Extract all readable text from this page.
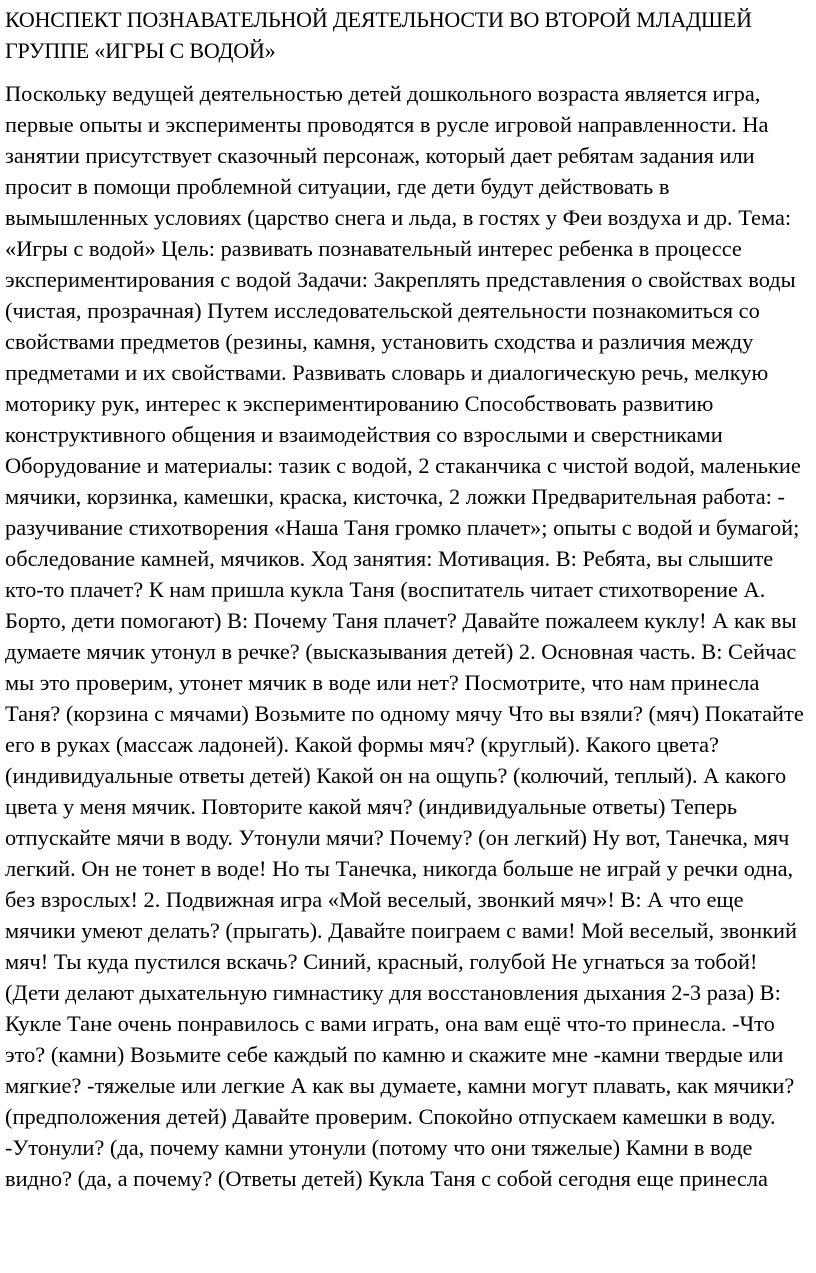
КОНСПЕКТ ПОЗНАВАТЕЛЬНОЙ ДЕЯТЕЛЬНОСТИ ВО ВТОРОЙ МЛАДШЕЙ ГРУППЕ «ИГРЫ С ВОДОЙ»

Поскольку ведущей деятельностью детей дошкольного возраста является игра, первые опыты и эксперименты проводятся в русле игровой направленности. На занятии присутствует сказочный персонаж, который дает ребятам задания или просит в помощи проблемной ситуации, где дети будут действовать в вымышленных условиях (царство снега и льда, в гостях у Феи воздуха и др. Тема: «Игры с водой» Цель: развивать познавательный интерес ребенка в процессе экспериментирования с водой Задачи: Закреплять представления о свойствах воды (чистая, прозрачная) Путем исследовательской деятельности познакомиться со свойствами предметов (резины, камня, установить сходства и различия между предметами и их свойствами. Развивать словарь и диалогическую речь, мелкую моторику рук, интерес к экспериментированию Способствовать развитию конструктивного общения и взаимодействия со взрослыми и сверстниками Оборудование и материалы: тазик с водой, 2 стаканчика с чистой водой, маленькие мячики, корзинка, камешки, краска, кисточка, 2 ложки Предварительная работа: - разучивание стихотворения «Наша Таня громко плачет»; опыты с водой и бумагой; обследование камней, мячиков. Ход занятия: Мотивация. В: Ребята, вы слышите кто-то плачет? К нам пришла кукла Таня (воспитатель читает стихотворение А. Борто, дети помогают) В: Почему Таня плачет? Давайте пожалеем куклу! А как вы думаете мячик утонул в речке? (высказывания детей) 2. Основная часть. В: Сейчас мы это проверим, утонет мячик в воде или нет? Посмотрите, что нам принесла Таня? (корзина с мячами) Возьмите по одному мячу Что вы взяли? (мяч) Покатайте его в руках (массаж ладоней). Какой формы мяч? (круглый). Какого цвета? (индивидуальные ответы детей) Какой он на ощупь? (колючий, теплый). А какого цвета у меня мячик. Повторите какой мяч? (индивидуальные ответы) Теперь отпускайте мячи в воду. Утонули мячи? Почему? (он легкий) Ну вот, Танечка, мяч легкий. Он не тонет в воде! Но ты Танечка, никогда больше не играй у речки одна, без взрослых! 2. Подвижная игра «Мой веселый, звонкий мяч»! В: А что еще мячики умеют делать? (прыгать). Давайте поиграем с вами! Мой веселый, звонкий мяч! Ты куда пустился вскачь? Синий, красный, голубой Не угнаться за тобой! (Дети делают дыхательную гимнастику для восстановления дыхания 2-3 раза) В: Кукле Тане очень понравилось с вами играть, она вам ещё что-то принесла. -Что это? (камни) Возьмите себе каждый по камню и скажите мне -камни твердые или мягкие? -тяжелые или легкие А как вы думаете, камни могут плавать, как мячики? (предположения детей) Давайте проверим. Спокойно отпускаем камешки в воду. -Утонули? (да, почему камни утонули (потому что они тяжелые) Камни в воде видно? (да, а почему? (Ответы детей) Кукла Таня с собой сегодня еще принесла
